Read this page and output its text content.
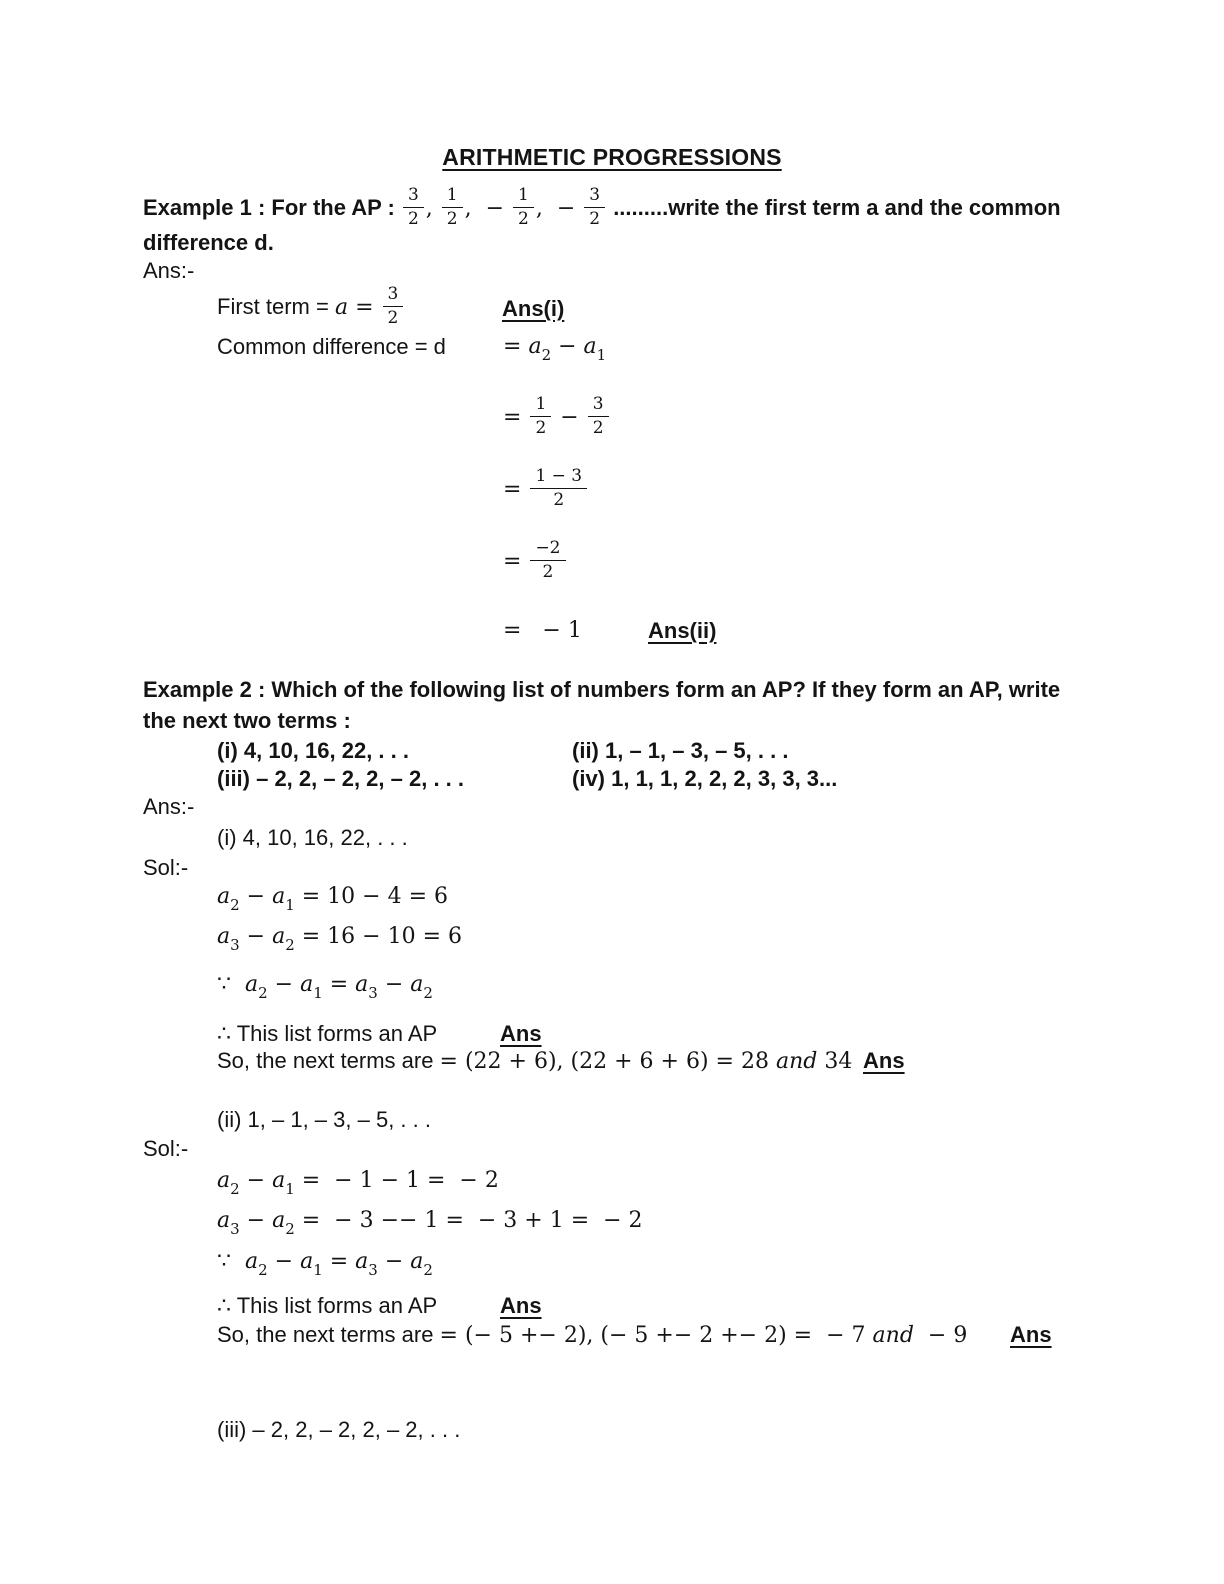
ARITHMETIC PROGRESSIONS
Example 1 : For the AP : $\frac{3}{2}$ , $\frac{1}{2}$ ,  − $\frac{1}{2}$ ,  − $\frac{3}{2}$ .........write the first term a and the common
difference d.
Ans:-
First term = $a = \frac{3}{2}$	Ans(i)
Common difference = d	= $a_2 - a_1$
= $\frac{1}{2} - \frac{3}{2}$
= $\frac{1 - 3}{2}$
= $\frac{-2}{2}$
=   − 1	Ans(ii)
Example 2 : Which of the following list of numbers form an AP? If they form an AP, write
the next two terms :
(i) 4, 10, 16, 22, . . .	(ii) 1, – 1, – 3, – 5, . . .
(iii) – 2, 2, – 2, 2, – 2, . . .	(iv) 1, 1, 1, 2, 2, 2, 3, 3, 3...
Ans:-
(i) 4, 10, 16, 22, . . .
Sol:-
$a_2 - a_1 = 10 - 4 = 6$
$a_3 - a_2 = 16 - 10 = 6$
∵  $a_2 - a_1 = a_3 - a_2$
∴ This list forms an AP	Ans
So, the next terms are = (22 + 6), (22 + 6 + 6) = 28 and 34 Ans
(ii) 1, – 1, – 3, – 5, . . .
Sol:-
$a_2 - a_1$ =  − 1 − 1 =  − 2
$a_3 - a_2$ =  − 3 −− 1 =  − 3 + 1 =  − 2
∵  $a_2 - a_1 = a_3 - a_2$
∴ This list forms an AP	Ans
So, the next terms are = (− 5 +− 2), (− 5 +− 2 +− 2) =  − 7 and  − 9 Ans
(iii) – 2, 2, – 2, 2, – 2, . . .
